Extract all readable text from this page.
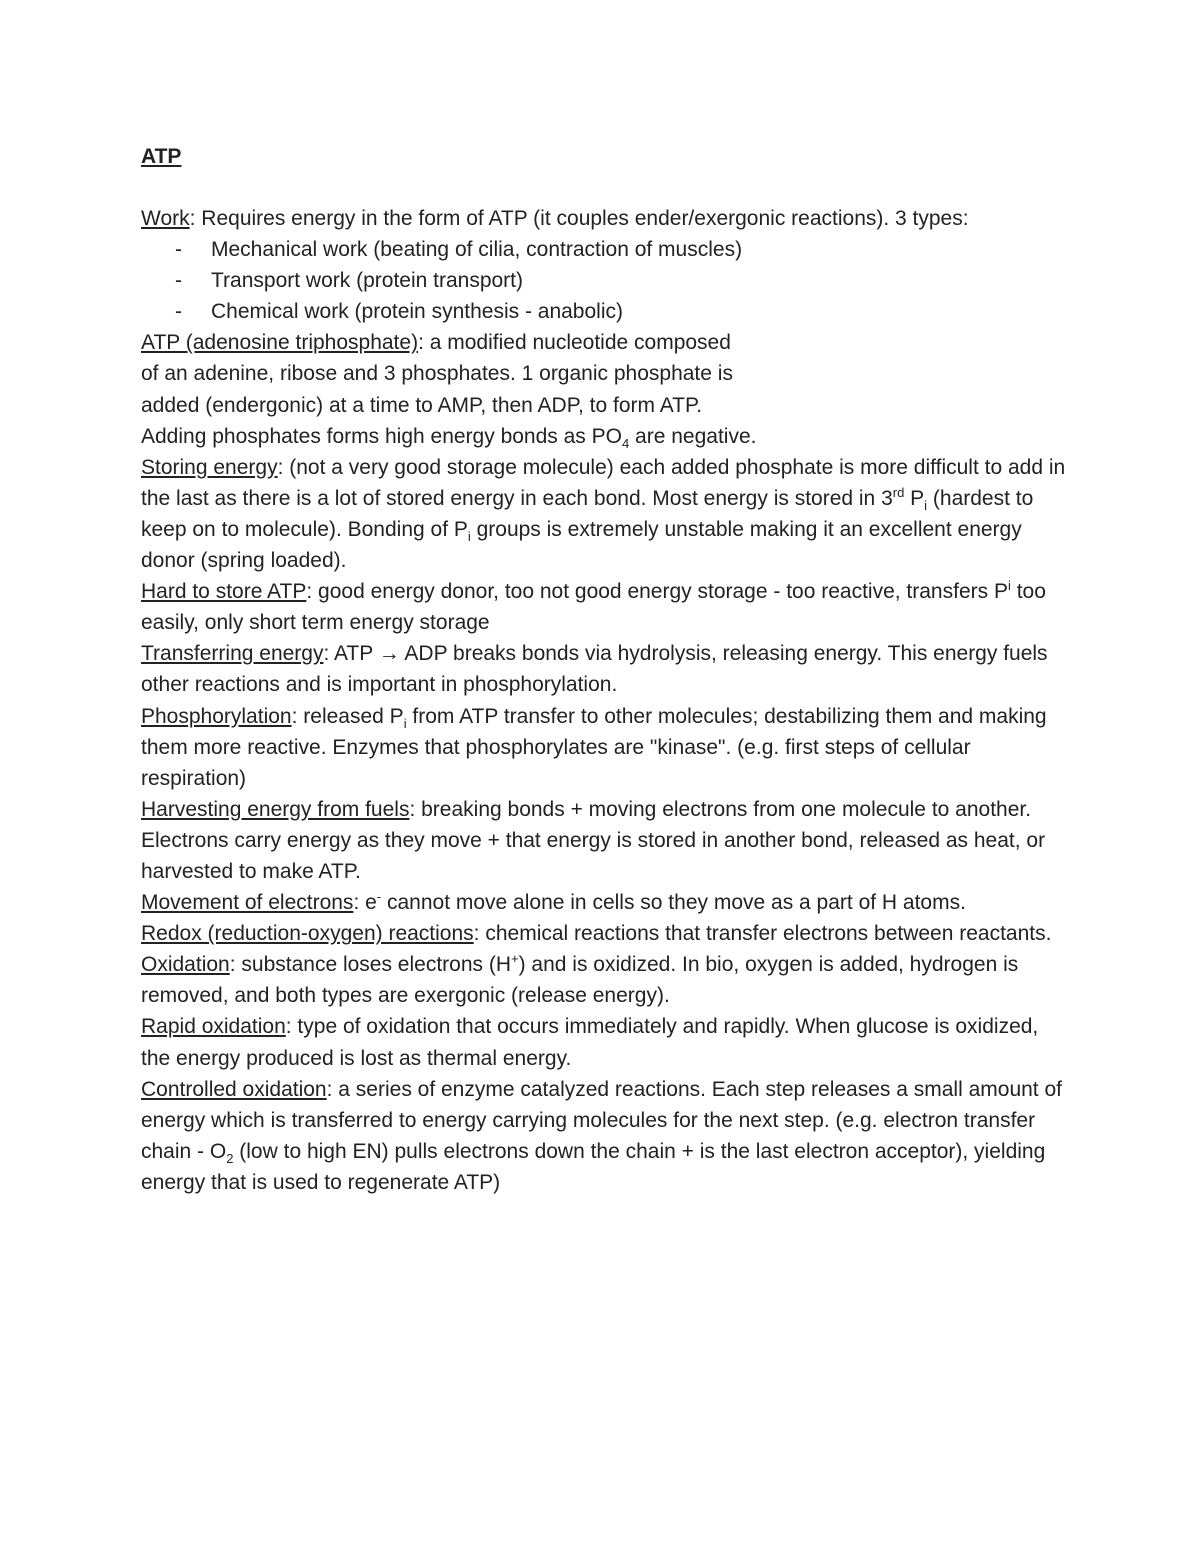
ATP

Work: Requires energy in the form of ATP (it couples ender/exergonic reactions). 3 types:

- Mechanical work (beating of cilia, contraction of muscles)
- Transport work (protein transport)
- Chemical work (protein synthesis - anabolic)

ATP (adenosine triphosphate): a modified nucleotide composed
of an adenine, ribose and 3 phosphates. 1 organic phosphate is
added (endergonic) at a time to AMP, then ADP, to form ATP.
Adding phosphates forms high energy bonds as $PO_4$ are negative.

Storing energy: (not a very good storage molecule) each added phosphate is more difficult to add in the last as there is a lot of stored energy in each bond. Most energy is stored in 3rd $P_i$ (hardest to keep on to molecule). Bonding of $P_i$ groups is extremely unstable making it an excellent energy donor (spring loaded).

Hard to store ATP: good energy donor, too not good energy storage - too reactive, transfers $P^i$ too easily, only short term energy storage

Transferring energy: ATP → ADP breaks bonds via hydrolysis, releasing energy. This energy fuels other reactions and is important in phosphorylation.

Phosphorylation: released $P_i$ from ATP transfer to other molecules; destabilizing them and making them more reactive. Enzymes that phosphorylates are "kinase". (e.g. first steps of cellular respiration)

Harvesting energy from fuels: breaking bonds + moving electrons from one molecule to another. Electrons carry energy as they move + that energy is stored in another bond, released as heat, or harvested to make ATP.

Movement of electrons: e- cannot move alone in cells so they move as a part of H atoms.

Redox (reduction-oxygen) reactions: chemical reactions that transfer electrons between reactants.

Oxidation: substance loses electrons (H+) and is oxidized. In bio, oxygen is added, hydrogen is removed, and both types are exergonic (release energy).

Rapid oxidation: type of oxidation that occurs immediately and rapidly. When glucose is oxidized, the energy produced is lost as thermal energy.

Controlled oxidation: a series of enzyme catalyzed reactions. Each step releases a small amount of energy which is transferred to energy carrying molecules for the next step. (e.g. electron transfer chain - $O_2$ (low to high EN) pulls electrons down the chain + is the last electron acceptor), yielding energy that is used to regenerate ATP)
